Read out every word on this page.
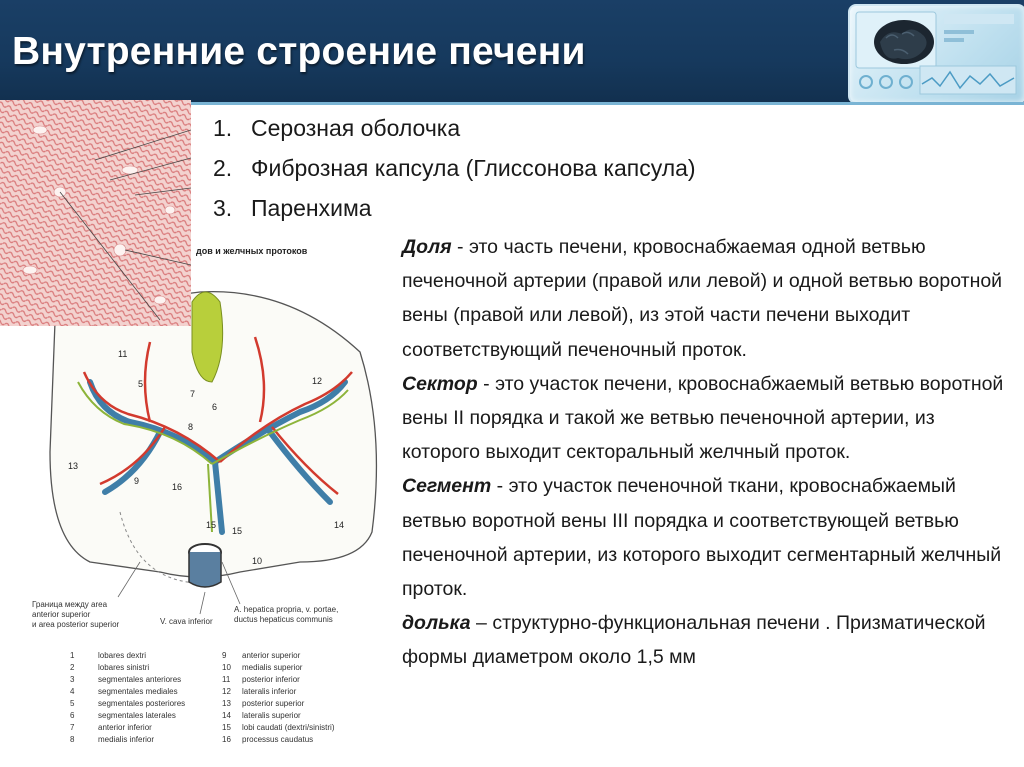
Внутренние строение печени
1. Серозная оболочка
2. Фиброзная капсула (Глиссонова капсула)
3. Паренхима

Доля - это часть печени, кровоснабжаемая одной ветвью печеночной артерии (правой или левой) и одной ветвью воротной вены (правой или левой), из этой части печени выходит соответствующий печеночный проток.

Сектор - это участок печени, кровоснабжаемый ветвью воротной вены II порядка и такой же ветвью печеночной артерии, из которого выходит секторальный желчный проток.

Сегмент - это участок печеночной ткани, кровоснабжаемый ветвью воротной вены III порядка и соответствующей ветвью печеночной артерии, из которого выходит сегментарный желчный проток.

долька – структурно-функциональная печени . Призматической формы диаметром около 1,5 мм

дов и желчных протоков
11
5
7
6
8
13
9
16
15
15
10
12
14
Граница между area
anterior superior
и area posterior superior	V. cava inferior
A. hepatica propria, v. portae,
ductus hepaticus communis
1	lobares dextri
2	lobares sinistri
3	segmentales anteriores
4	segmentales mediales
5	segmentales posteriores
6	segmentales laterales
7	anterior inferior
8	medialis inferior
9 anterior superior
10 medialis superior
11 posterior inferior
12 lateralis inferior
13 posterior superior
14 lateralis superior
15 lobi caudati (dextri/sinistri)
16 processus caudatus
